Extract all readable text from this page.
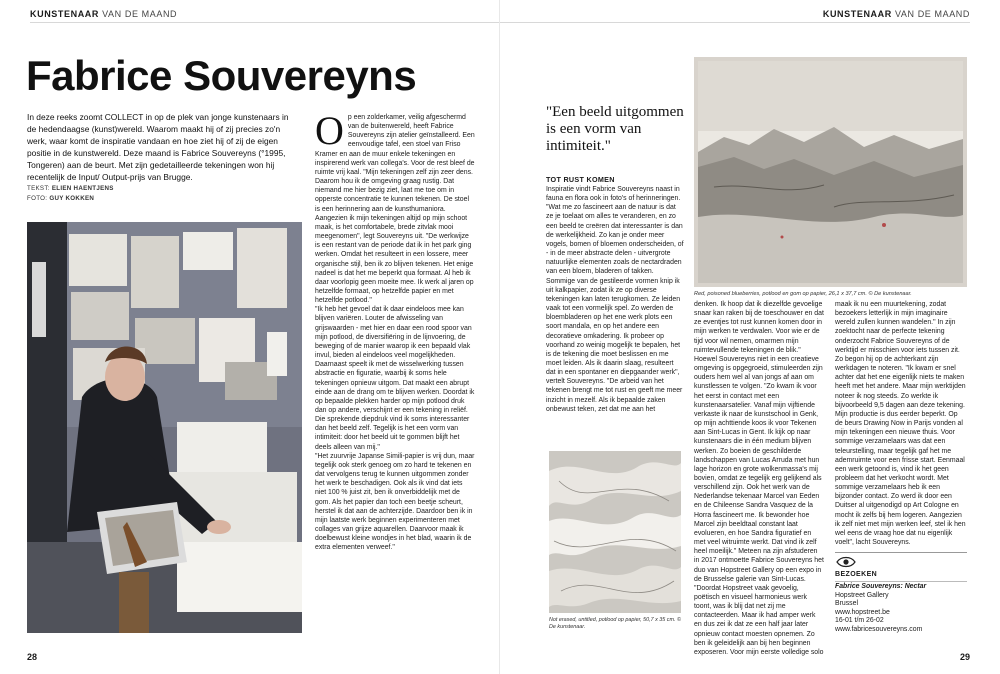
KUNSTENAAR VAN DE MAAND
Fabrice Souvereyns

In deze reeks zoomt COLLECT in op de plek van jonge kunstenaars in de hedendaagse (kunst)wereld. Waarom maakt hij of zij precies zo'n werk, waar komt de inspiratie vandaan en hoe ziet hij of zij de eigen positie in de kunstwereld. Deze maand is Fabrice Souvereyns (°1995, Tongeren) aan de beurt. Met zijn gedetailleerde tekeningen won hij recentelijk de Input/ Output-prijs van Brugge.

TEKST: ELIEN HAENTJENS
FOTO: GUY KOKKEN
O p een zolderkamer, veilig afgeschermd van de buitenwereld, heeft Fabrice Souvereyns zijn atelier geïnstalleerd. Een eenvoudige tafel, een stoel van Friso Kramer en aan de muur enkele tekeningen en inspirerend werk van collega's. Voor de rest bleef de ruimte vrij kaal. "Mijn tekeningen zelf zijn zeer dens. Daarom hou ik de omgeving graag rustig. Dat niemand me hier bezig ziet, laat me toe om in opperste concentratie te kunnen tekenen. De stoel is een herinnering aan de kunsthumaniora. Aangezien ik mijn tekeningen altijd op mijn schoot maak, is het comfortabele, brede zitvlak mooi meegenomen", legt Souvereyns uit. "De werkwijze is een restant van de periode dat ik in het park ging werken. Omdat het resulteert in een lossere, meer organische stijl, ben ik zo blijven tekenen. Het enige nadeel is dat het me beperkt qua formaat. Al heb ik daar voorlopig geen moeite mee. Ik werk al jaren op hetzelfde formaat, op hetzelfde papier en met hetzelfde potlood."

"Ik heb het gevoel dat ik daar eindeloos mee kan blijven variëren. Louter de afwisseling van grijswaarden - met hier en daar een rood spoor van mijn potlood, de diversifiëring in de lijnvoering, de beweging of de manier waarop ik een bepaald vlak invul, bieden al eindeloos veel mogelijkheden. Daarnaast speelt ik met de wisselwerking tussen abstractie en figuratie, waarbij ik soms hele tekeningen opnieuw uitgom. Dat maakt een abrupt einde aan de drang om te blijven werken. Doordat ik op bepaalde plekken harder op mijn potlood druk dan op andere, verschijnt er een tekening in reliëf. Die sprekende diepdruk vind ik soms interessanter dan het beeld zelf. Tegelijk is het een vorm van intimiteit: door het beeld uit te gommen blijft het deels alleen van mij."

"Het zuurvrije Japanse Simili-papier is vrij dun, maar tegelijk ook sterk genoeg om zo hard te tekenen en dat vervolgens terug te kunnen uitgommen zonder het werk te beschadigen. Ook als ik vind dat iets niet 100 % juist zit, ben ik onverbiddelijk met de gom. Als het papier dan toch een beetje scheurt, herstel ik dat aan de achterzijde. Daardoor ben ik in mijn laatste werk beginnen experimenteren met collages van grijze aquarellen. Daarvoor maak ik doelbewust kleine wondjes in het blad, waarin ik de extra elementen verweef."

28
KUNSTENAAR VAN DE MAAND
"Een beeld uitgommen is een vorm van intimiteit."
TOT RUST KOMEN
Inspiratie vindt Fabrice Souvereyns naast in fauna en flora ook in foto's of herinneringen. "Wat me zo fascineert aan de natuur is dat ze je toelaat om alles te veranderen, en zo een beeld te creëren dat interessanter is dan de werkelijkheid. Zo kan je onder meer vogels, bomen of bloemen onderscheiden, of - in de meer abstracte delen - uitvergrote natuurlijke elementen zoals de nectardraden van een bloem, bladeren of takken. Sommige van de gestileerde vormen knip ik uit kalkpapier, zodat ik ze op diverse tekeningen kan laten terugkomen. Ze leiden vaak tot een vormelijk spel. Zo werden de bloembladeren op het ene werk plots een soort mandala, en op het andere een decoratieve omkadering. Ik probeer op voorhand zo weinig mogelijk te bepalen, het is de tekening die moet beslissen en me moet leiden. Als ik daarin slaag, resulteert dat in een spontaner en diepgaander werk", vertelt Souvereyns. "De arbeid van het tekenen brengt me tot rust en geeft me meer inzicht in mezelf. Als ik bepaalde zaken onbewust teken, zet dat me aan het
Red, poisoned blueberries, potlood en gom op papier, 26,1 x 37,7 cm. © De kunstenaar.
denken. Ik hoop dat ik diezelfde gevoelige snaar kan raken bij de toeschouwer en dat ze eventjes tot rust kunnen komen door in mijn werken te verdwalen. Voor wie er de tijd voor wil nemen, omarmen mijn ruimtevullende tekeningen de blik." Hoewel Souvereyns niet in een creatieve omgeving is opgegroeid, stimuleerden zijn ouders hem wel al van jongs af aan om kunstlessen te volgen. "Zo kwam ik voor het eerst in contact met een kunstenaarsatelier. Vanaf mijn vijftiende verkaste ik naar de kunstschool in Genk, op mijn achttiende koos ik voor Tekenen aan Sint-Lucas in Gent. Ik kijk op naar kunstenaars die in één medium blijven werken. Zo boeien de geschilderde landschappen van Lucas Arruda met hun lage horizon en grote wolkenmassa's mij bovien, omdat ze tegelijk erg gelijkend als verschillend zijn. Ook het werk van de Nederlandse tekenaar Marcel van Eeden en de Chileense Sandra Vasquez de la Horra fascineert me. Ik bewonder hoe Marcel zijn beeldtaal constant laat evolueren, en hoe Sandra figuratief en met veel witruimte werkt. Dat vind ik zelf heel moeilijk." Meteen na zijn afstuderen in 2017 ontmoette Fabrice Souvereyns het duo van Hopstreet Gallery op een expo in de Brusselse galerie van Sint-Lucas. "Doordat Hopstreet vaak gevoelig, poëtisch en visueel harmonieus werk toont, was ik blij dat net zij me contacteerden. Maar ik had amper werk en dus zei ik dat ze een half jaar later opnieuw contact moesten opnemen. Zo ben ik geleidelijk aan bij hen beginnen exposeren. Voor mijn eerste volledige solo
maak ik nu een muurtekening, zodat bezoekers letterlijk in mijn imaginaire wereld zullen kunnen wandelen." In zijn zoektocht naar de perfecte tekening onderzocht Fabrice Souvereyns of de werktijd er misschien voor iets tussen zit. Zo begon hij op de achterkant zijn werkdagen te noteren. "Ik kwam er snel achter dat het ene eigenlijk niets te maken heeft met het andere. Maar mijn werktijden noteer ik nog steeds. Zo werkte ik bijvoorbeeld 9,5 dagen aan deze tekening. Mijn productie is dus eerder beperkt. Op de beurs Drawing Now in Parijs vonden al mijn tekeningen een nieuwe thuis. Voor sommige verzamelaars was dat een teleurstelling, maar tegelijk gaf het me ademruimte voor een frisse start. Eenmaal een werk getoond is, vind ik het geen probleem dat het verkocht wordt. Met sommige verzamelaars heb ik een bijzonder contact. Zo werd ik door een Duitser al uitgenodigd op Art Cologne en mocht ik zelfs bij hem logeren. Aangezien ik zelf niet met mijn werken leef, stel ik hen wel eens de vraag hoe dat nu eigenlijk voelt", lacht Souvereyns.
Not erased, untitled, potlood op papier, 50,7 x 35 cm. © De kunstenaar.
BEZOEKEN
Fabrice Souvereyns: Nectar
Hopstreet Gallery
Brussel
www.hopstreet.be
16-01 t/m 26-02
www.fabricesouvereyns.com
29
